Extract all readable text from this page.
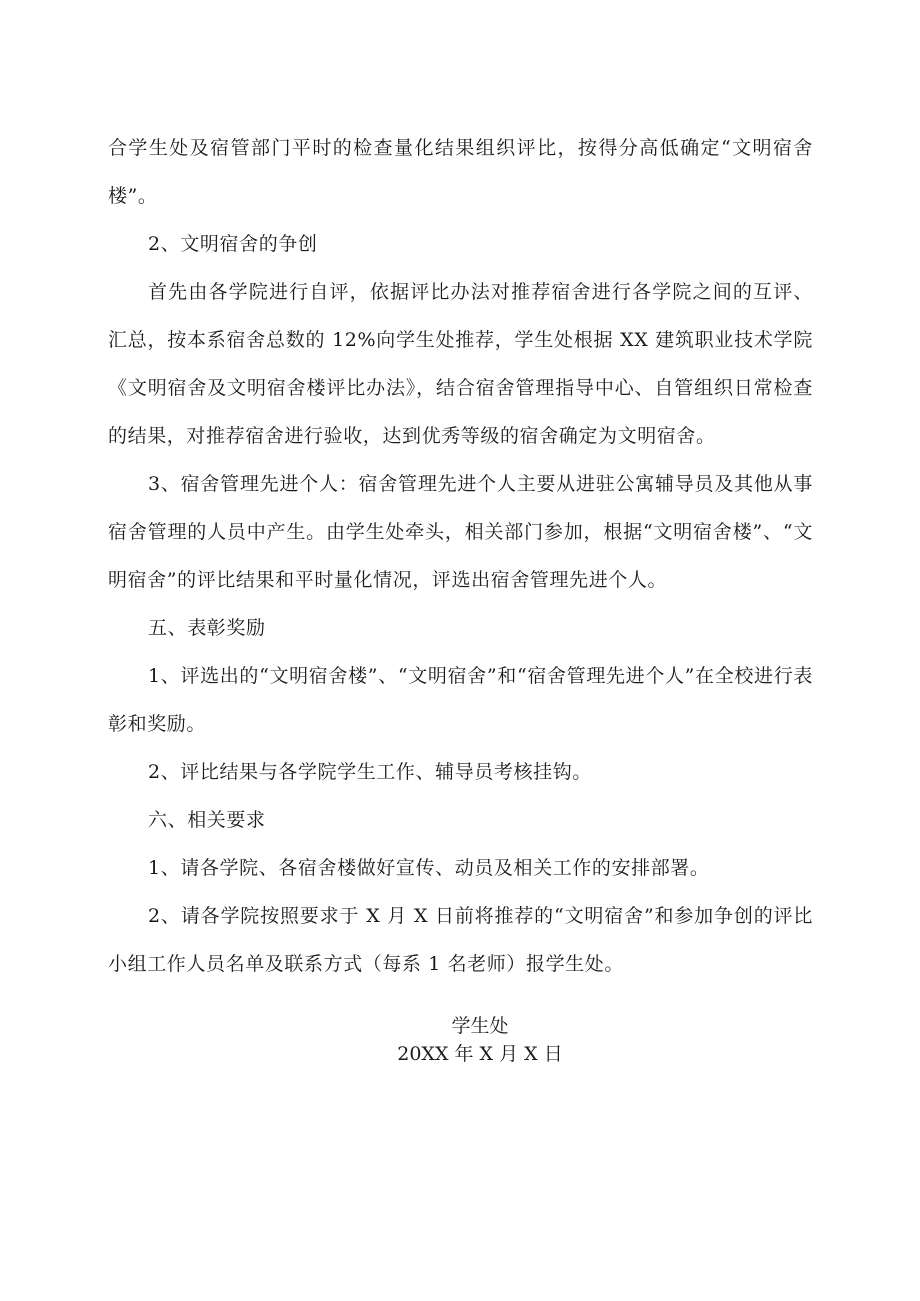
合学生处及宿管部门平时的检查量化结果组织评比，按得分高低确定“文明宿舍楼”。

2、文明宿舍的争创

首先由各学院进行自评，依据评比办法对推荐宿舍进行各学院之间的互评、汇总，按本系宿舍总数的 12%向学生处推荐，学生处根据 XX 建筑职业技术学院《文明宿舍及文明宿舍楼评比办法》，结合宿舍管理指导中心、自管组织日常检查的结果，对推荐宿舍进行验收，达到优秀等级的宿舍确定为文明宿舍。

3、宿舍管理先进个人：宿舍管理先进个人主要从进驻公寓辅导员及其他从事宿舍管理的人员中产生。由学生处牵头，相关部门参加，根据“文明宿舍楼”、“文明宿舍”的评比结果和平时量化情况，评选出宿舍管理先进个人。

五、表彰奖励

1、评选出的“文明宿舍楼”、“文明宿舍”和“宿舍管理先进个人”在全校进行表彰和奖励。

2、评比结果与各学院学生工作、辅导员考核挂钩。

六、相关要求

1、请各学院、各宿舍楼做好宣传、动员及相关工作的安排部署。

2、请各学院按照要求于 X 月 X 日前将推荐的“文明宿舍”和参加争创的评比小组工作人员名单及联系方式（每系 1 名老师）报学生处。

学生处
20XX 年 X 月 X 日
